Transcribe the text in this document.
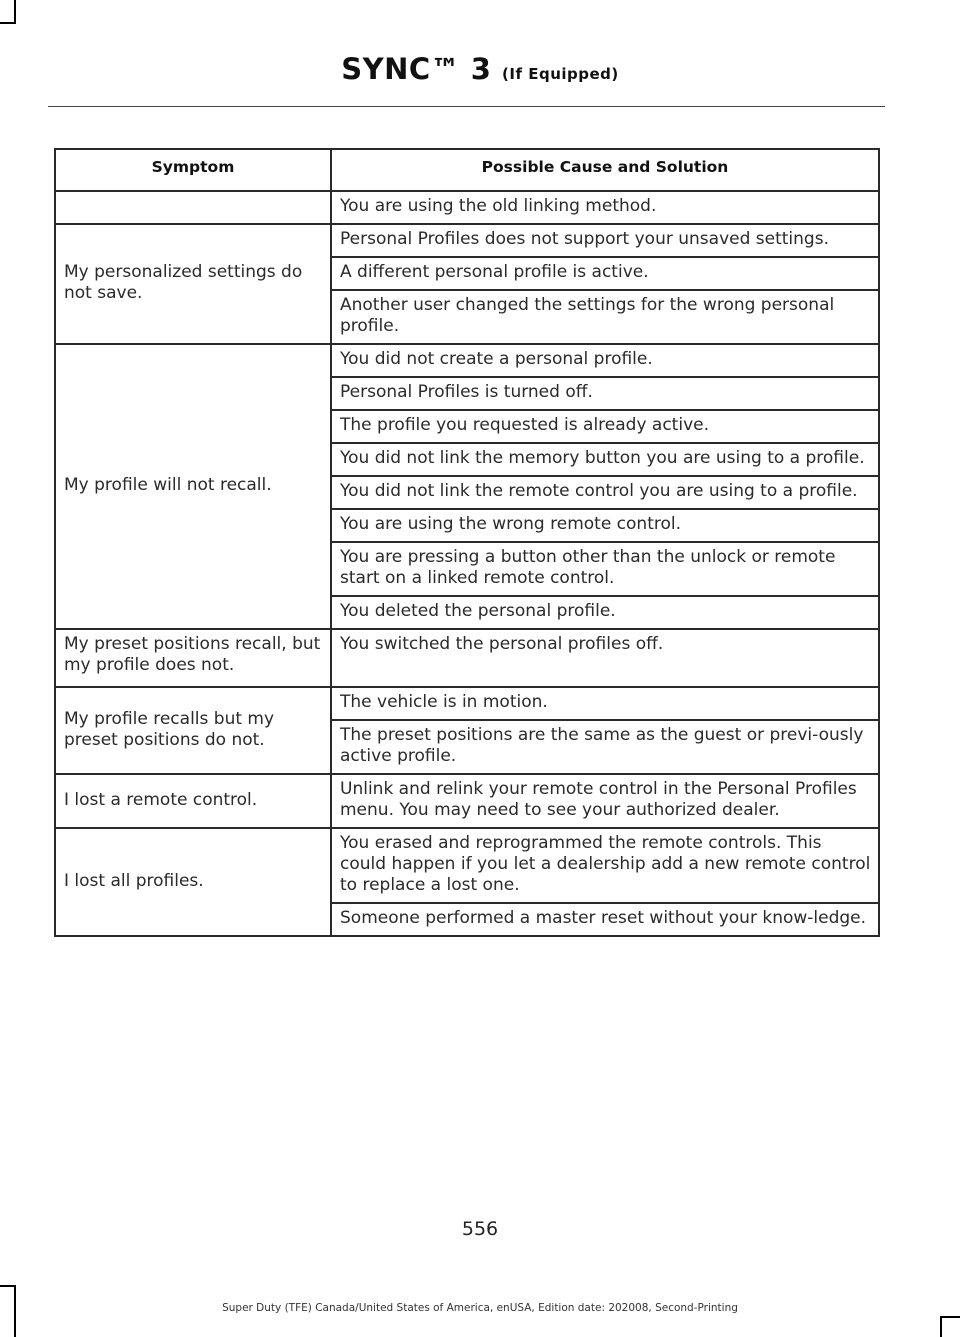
SYNC™ 3 (If Equipped)
Symptom	Possible Cause and Solution
	You are using the old linking method.
My personalized settings do not save.	Personal Profiles does not support your unsaved settings.
	A different personal profile is active.
	Another user changed the settings for the wrong personal profile.
My profile will not recall.	You did not create a personal profile.
	Personal Profiles is turned off.
	The profile you requested is already active.
	You did not link the memory button you are using to a profile.
	You did not link the remote control you are using to a profile.
	You are using the wrong remote control.
	You are pressing a button other than the unlock or remote start on a linked remote control.
	You deleted the personal profile.
My preset positions recall, but my profile does not.	You switched the personal profiles off.
My profile recalls but my preset positions do not.	The vehicle is in motion.
	The preset positions are the same as the guest or previ-ously active profile.
I lost a remote control.	Unlink and relink your remote control in the Personal Profiles menu. You may need to see your authorized dealer.
I lost all profiles.	You erased and reprogrammed the remote controls. This could happen if you let a dealership add a new remote control to replace a lost one.
	Someone performed a master reset without your know-ledge.
556
Super Duty (TFE) Canada/United States of America, enUSA, Edition date: 202008, Second-Printing
